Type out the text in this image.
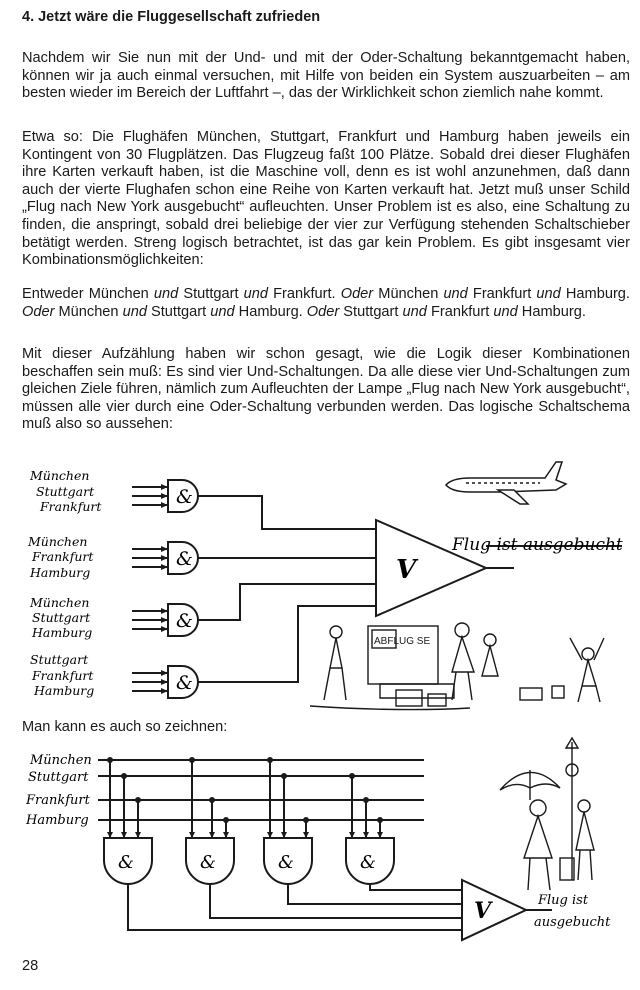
4. Jetzt wäre die Fluggesellschaft zufrieden

Nachdem wir Sie nun mit der Und- und mit der Oder-Schaltung bekanntgemacht haben, können wir ja auch einmal versuchen, mit Hilfe von beiden ein System auszuarbeiten – am besten wieder im Bereich der Luftfahrt –, das der Wirklichkeit schon ziemlich nahe kommt.

Etwa so: Die Flughäfen München, Stuttgart, Frankfurt und Hamburg haben jeweils ein Kontingent von 30 Flugplätzen. Das Flugzeug faßt 100 Plätze. Sobald drei dieser Flughäfen ihre Karten verkauft haben, ist die Maschine voll, denn es ist wohl anzunehmen, daß dann auch der vierte Flughafen schon eine Reihe von Karten verkauft hat. Jetzt muß unser Schild „Flug nach New York ausgebucht“ aufleuchten. Unser Problem ist es also, eine Schaltung zu finden, die anspringt, sobald drei beliebige der vier zur Verfügung stehenden Schaltschieber betätigt werden. Streng logisch betrachtet, ist das gar kein Problem. Es gibt insgesamt vier Kombinationsmöglichkeiten:

Entweder München und Stuttgart und Frankfurt. Oder München und Frankfurt und Hamburg. Oder München und Stuttgart und Hamburg. Oder Stuttgart und Frankfurt und Hamburg.

Mit dieser Aufzählung haben wir schon gesagt, wie die Logik dieser Kombinationen beschaffen sein muß: Es sind vier Und-Schaltungen. Da alle diese vier Und-Schaltungen zum gleichen Ziele führen, nämlich zum Aufleuchten der Lampe „Flug nach New York ausgebucht“, müssen alle vier durch eine Oder-Schaltung verbunden werden. Das logische Schaltschema muß also so aussehen:

&
&
&
&
V
Flug ist ausgebucht
München
Stuttgart
Frankfurt
München
Frankfurt
Hamburg
München
Stuttgart
Hamburg
Stuttgart
Frankfurt
Hamburg
ABFLUG SE
München
Stuttgart
Frankfurt
Hamburg
&	&	&	&
V	Flug ist
ausgebucht
Man kann es auch so zeichnen:
28
